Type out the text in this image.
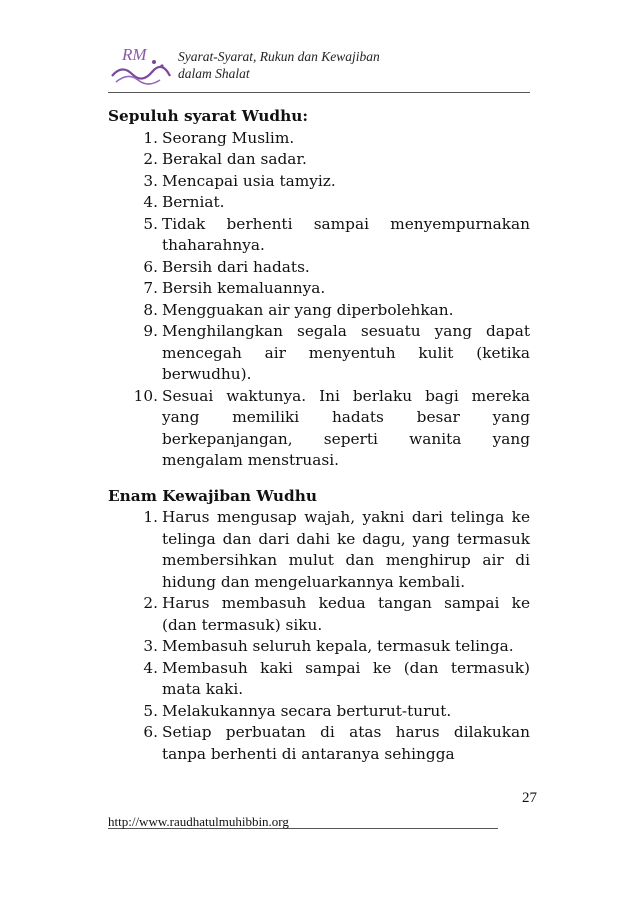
RM Syarat-Syarat, Rukun dan Kewajiban
dalam Shalat
Sepuluh syarat Wudhu:
1. Seorang Muslim.
2. Berakal dan sadar.
3. Mencapai usia tamyiz.
4. Berniat.
5. Tidak berhenti sampai menyempurnakan thaharahnya.
6. Bersih dari hadats.
7. Bersih kemaluannya.
8. Mengguakan air yang diperbolehkan.
9. Menghilangkan segala sesuatu yang dapat mencegah air menyentuh kulit (ketika berwudhu).
10. Sesuai waktunya. Ini berlaku bagi mereka yang memiliki hadats besar yang berkepanjangan, seperti wanita yang mengalam menstruasi.
Enam Kewajiban Wudhu
1. Harus mengusap wajah, yakni dari telinga ke telinga dan dari dahi ke dagu, yang termasuk membersihkan mulut dan menghirup air di hidung dan mengeluarkannya kembali.
2. Harus membasuh kedua tangan sampai ke (dan termasuk) siku.
3. Membasuh seluruh kepala, termasuk telinga.
4. Membasuh kaki sampai ke (dan termasuk) mata kaki.
5. Melakukannya secara berturut-turut.
6. Setiap perbuatan di atas harus dilakukan tanpa berhenti di antaranya sehingga
27
http://www.raudhatulmuhibbin.org
